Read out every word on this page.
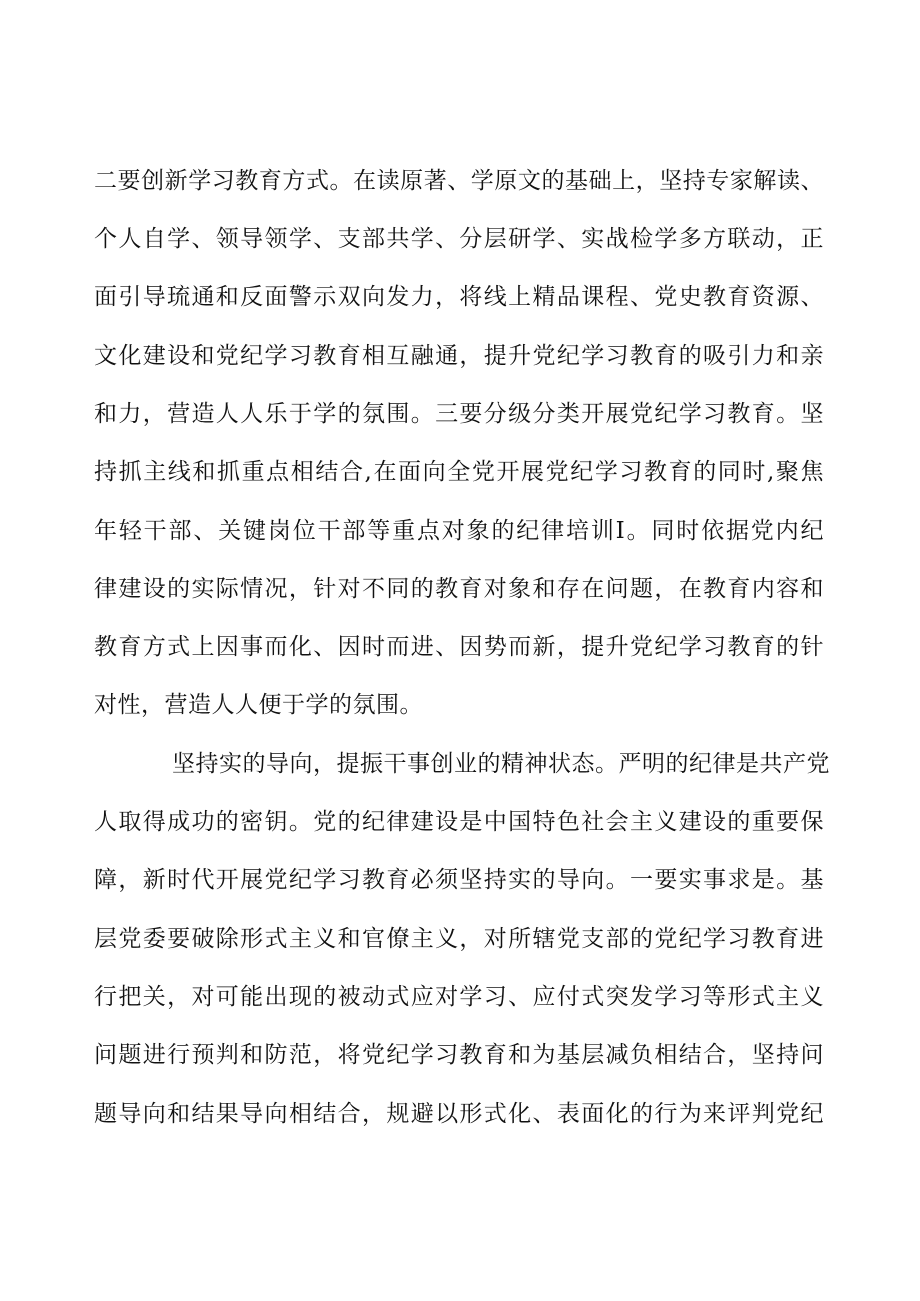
二要创新学习教育方式。在读原著、学原文的基础上，坚持专家解读、
个人自学、领导领学、支部共学、分层研学、实战检学多方联动，正
面引导琉通和反面警示双向发力，将线上精品课程、党史教育资源、
文化建设和党纪学习教育相互融通，提升党纪学习教育的吸引力和亲
和力，营造人人乐于学的氛围。三要分级分类开展党纪学习教育。坚
持抓主线和抓重点相结合,在面向全党开展党纪学习教育的同时,聚焦
年轻干部、关键岗位干部等重点对象的纪律培训I。同时依据党内纪
律建设的实际情况，针对不同的教育对象和存在问题，在教育内容和
教育方式上因事而化、因时而进、因势而新，提升党纪学习教育的针
对性，营造人人便于学的氛围。
坚持实的导向，提振干事创业的精神状态。严明的纪律是共产党
人取得成功的密钥。党的纪律建设是中国特色社会主义建设的重要保
障，新时代开展党纪学习教育必须坚持实的导向。一要实事求是。基
层党委要破除形式主义和官僚主义，对所辖党支部的党纪学习教育进
行把关，对可能出现的被动式应对学习、应付式突发学习等形式主义
问题进行预判和防范，将党纪学习教育和为基层减负相结合，坚持问
题导向和结果导向相结合，规避以形式化、表面化的行为来评判党纪
